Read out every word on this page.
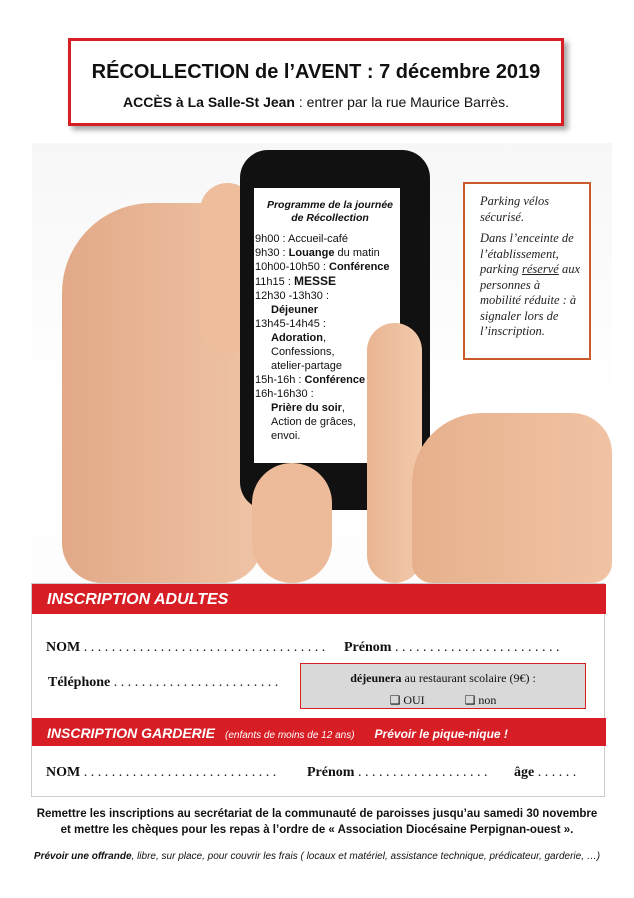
RÉCOLLECTION de l’AVENT : 7 décembre 2019
ACCÈS à La Salle-St Jean : entrer par la rue Maurice Barrès.
Programme de la journée
de Récollection
9h00 : Accueil-café
9h30 : Louange du matin
10h00-10h50 : Conférence
11h15 : MESSE
12h30 -13h30 :
Déjeuner
13h45-14h45 :
Adoration,
Confessions,
atelier-partage
15h-16h : Conférence
16h-16h30 :
Prière du soir,
Action de grâces,
envoi.

Parking vélos sécurisé.

Dans l’enceinte de l’établissement, parking réservé aux personnes à mobilité réduite : à signaler lors de l’inscription.

INSCRIPTION ADULTES
NOM . . . . . . . . . . . . . . . . . . . . . . . . . . . . . . . . . . . Prénom . . . . . . . . . . . . . . . . . . . . . . . .
Téléphone . . . . . . . . . . . . . . . . . . . . . . . .	déjeunera au restaurant scolaire (9€) :
❑ OUI	❑ non
INSCRIPTION GARDERIE (enfants de moins de 12 ans) Prévoir le pique-nique !
NOM . . . . . . . . . . . . . . . . . . . . . . . . . . . . Prénom . . . . . . . . . . . . . . . . . . . âge . . . . . .
Remettre les inscriptions au secrétariat de la communauté de paroisses jusqu’au samedi 30 novembre
et mettre les chèques pour les repas à l’ordre de « Association Diocésaine Perpignan-ouest ».
Prévoir une offrande, libre, sur place, pour couvrir les frais ( locaux et matériel, assistance technique, prédicateur, garderie, …)
